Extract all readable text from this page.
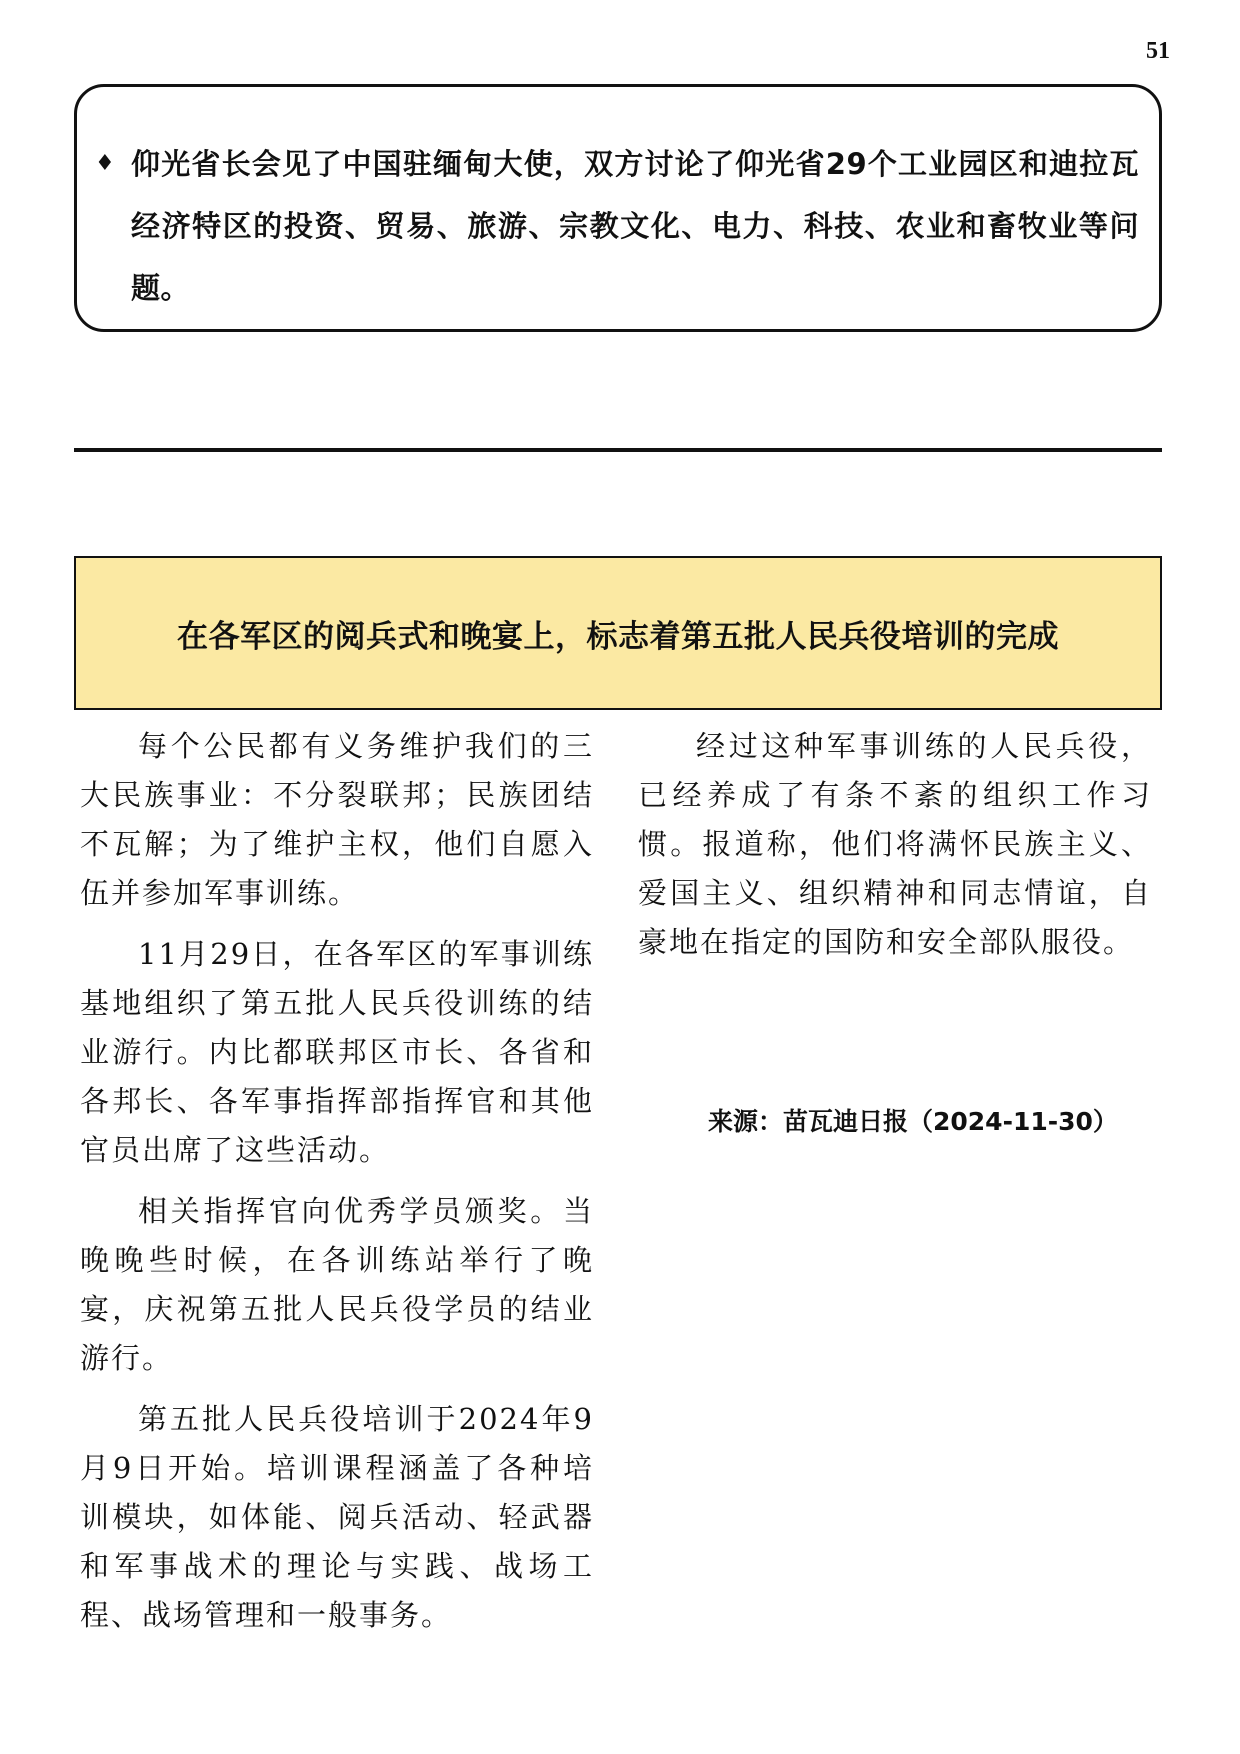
51
♦ 仰光省长会见了中国驻缅甸大使，双方讨论了仰光省29个工业园区和迪拉瓦经济特区的投资、贸易、旅游、宗教文化、电力、科技、农业和畜牧业等问题。
在各军区的阅兵式和晚宴上，标志着第五批人民兵役培训的完成

每个公民都有义务维护我们的三大民族事业：不分裂联邦；民族团结不瓦解；为了维护主权，他们自愿入伍并参加军事训练。

11月29日，在各军区的军事训练基地组织了第五批人民兵役训练的结业游行。内比都联邦区市长、各省和各邦长、各军事指挥部指挥官和其他官员出席了这些活动。

相关指挥官向优秀学员颁奖。当晚晚些时候，在各训练站举行了晚宴，庆祝第五批人民兵役学员的结业游行。

第五批人民兵役培训于2024年9月9日开始。培训课程涵盖了各种培训模块，如体能、阅兵活动、轻武器和军事战术的理论与实践、战场工程、战场管理和一般事务。

经过这种军事训练的人民兵役，已经养成了有条不紊的组织工作习惯。报道称，他们将满怀民族主义、爱国主义、组织精神和同志情谊，自豪地在指定的国防和安全部队服役。

来源：苗瓦迪日报（2024-11-30）
